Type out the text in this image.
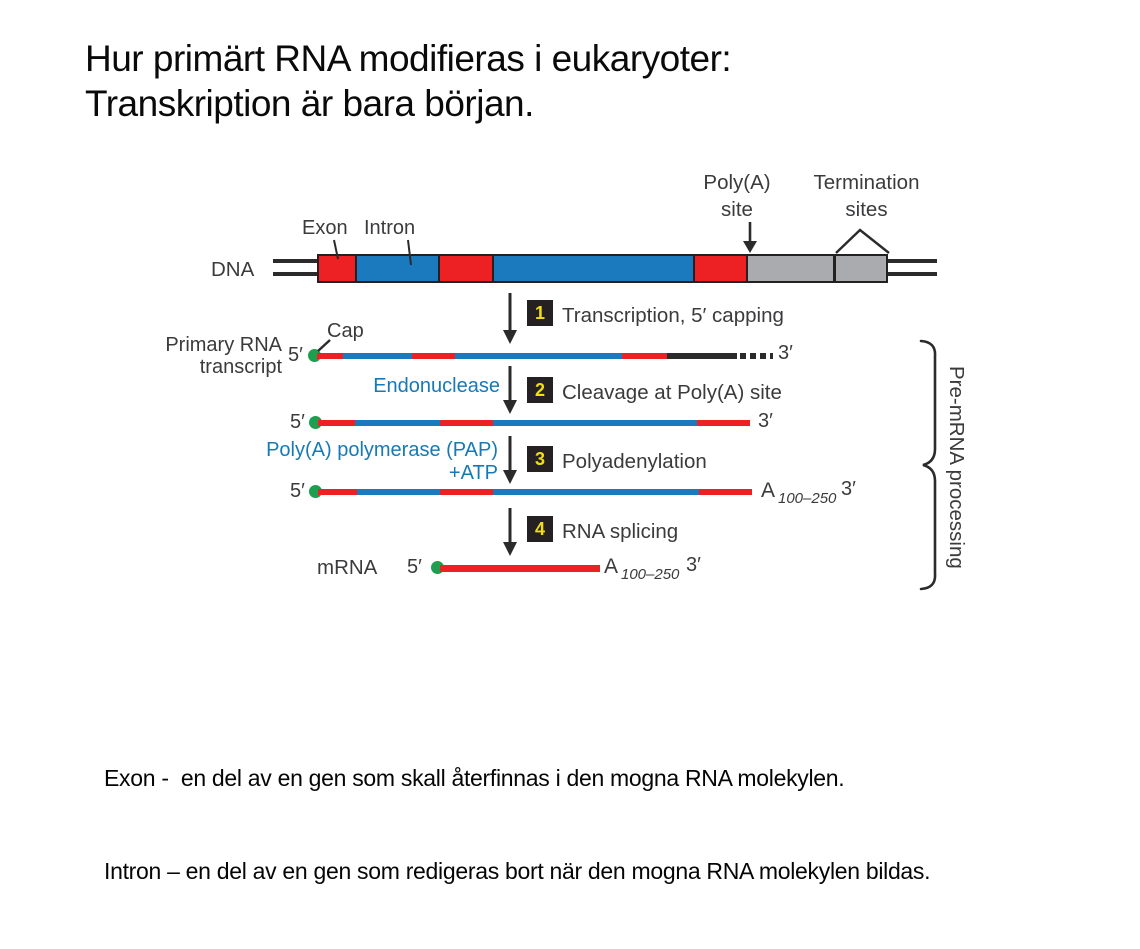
Hur primärt RNA modifieras i eukaryoter:
Transkription är bara början.
DNA
Exon Intron
Poly(A)
site
Termination
sites
1 Transcription, 5′ capping
Primary RNA
transcript
Cap
5′	3′
Endonuclease 2 Cleavage at Poly(A) site
5′	3′
Poly(A) polymerase (PAP)
+ATP
3 Polyadenylation
5′	A 100–250 3′
4 RNA splicing
mRNA 5′	A 100–250 3′	Pre-mRNA processing

Exon -  en del av en gen som skall återfinnas i den mogna RNA molekylen.

Intron – en del av en gen som redigeras bort när den mogna RNA molekylen bildas.
